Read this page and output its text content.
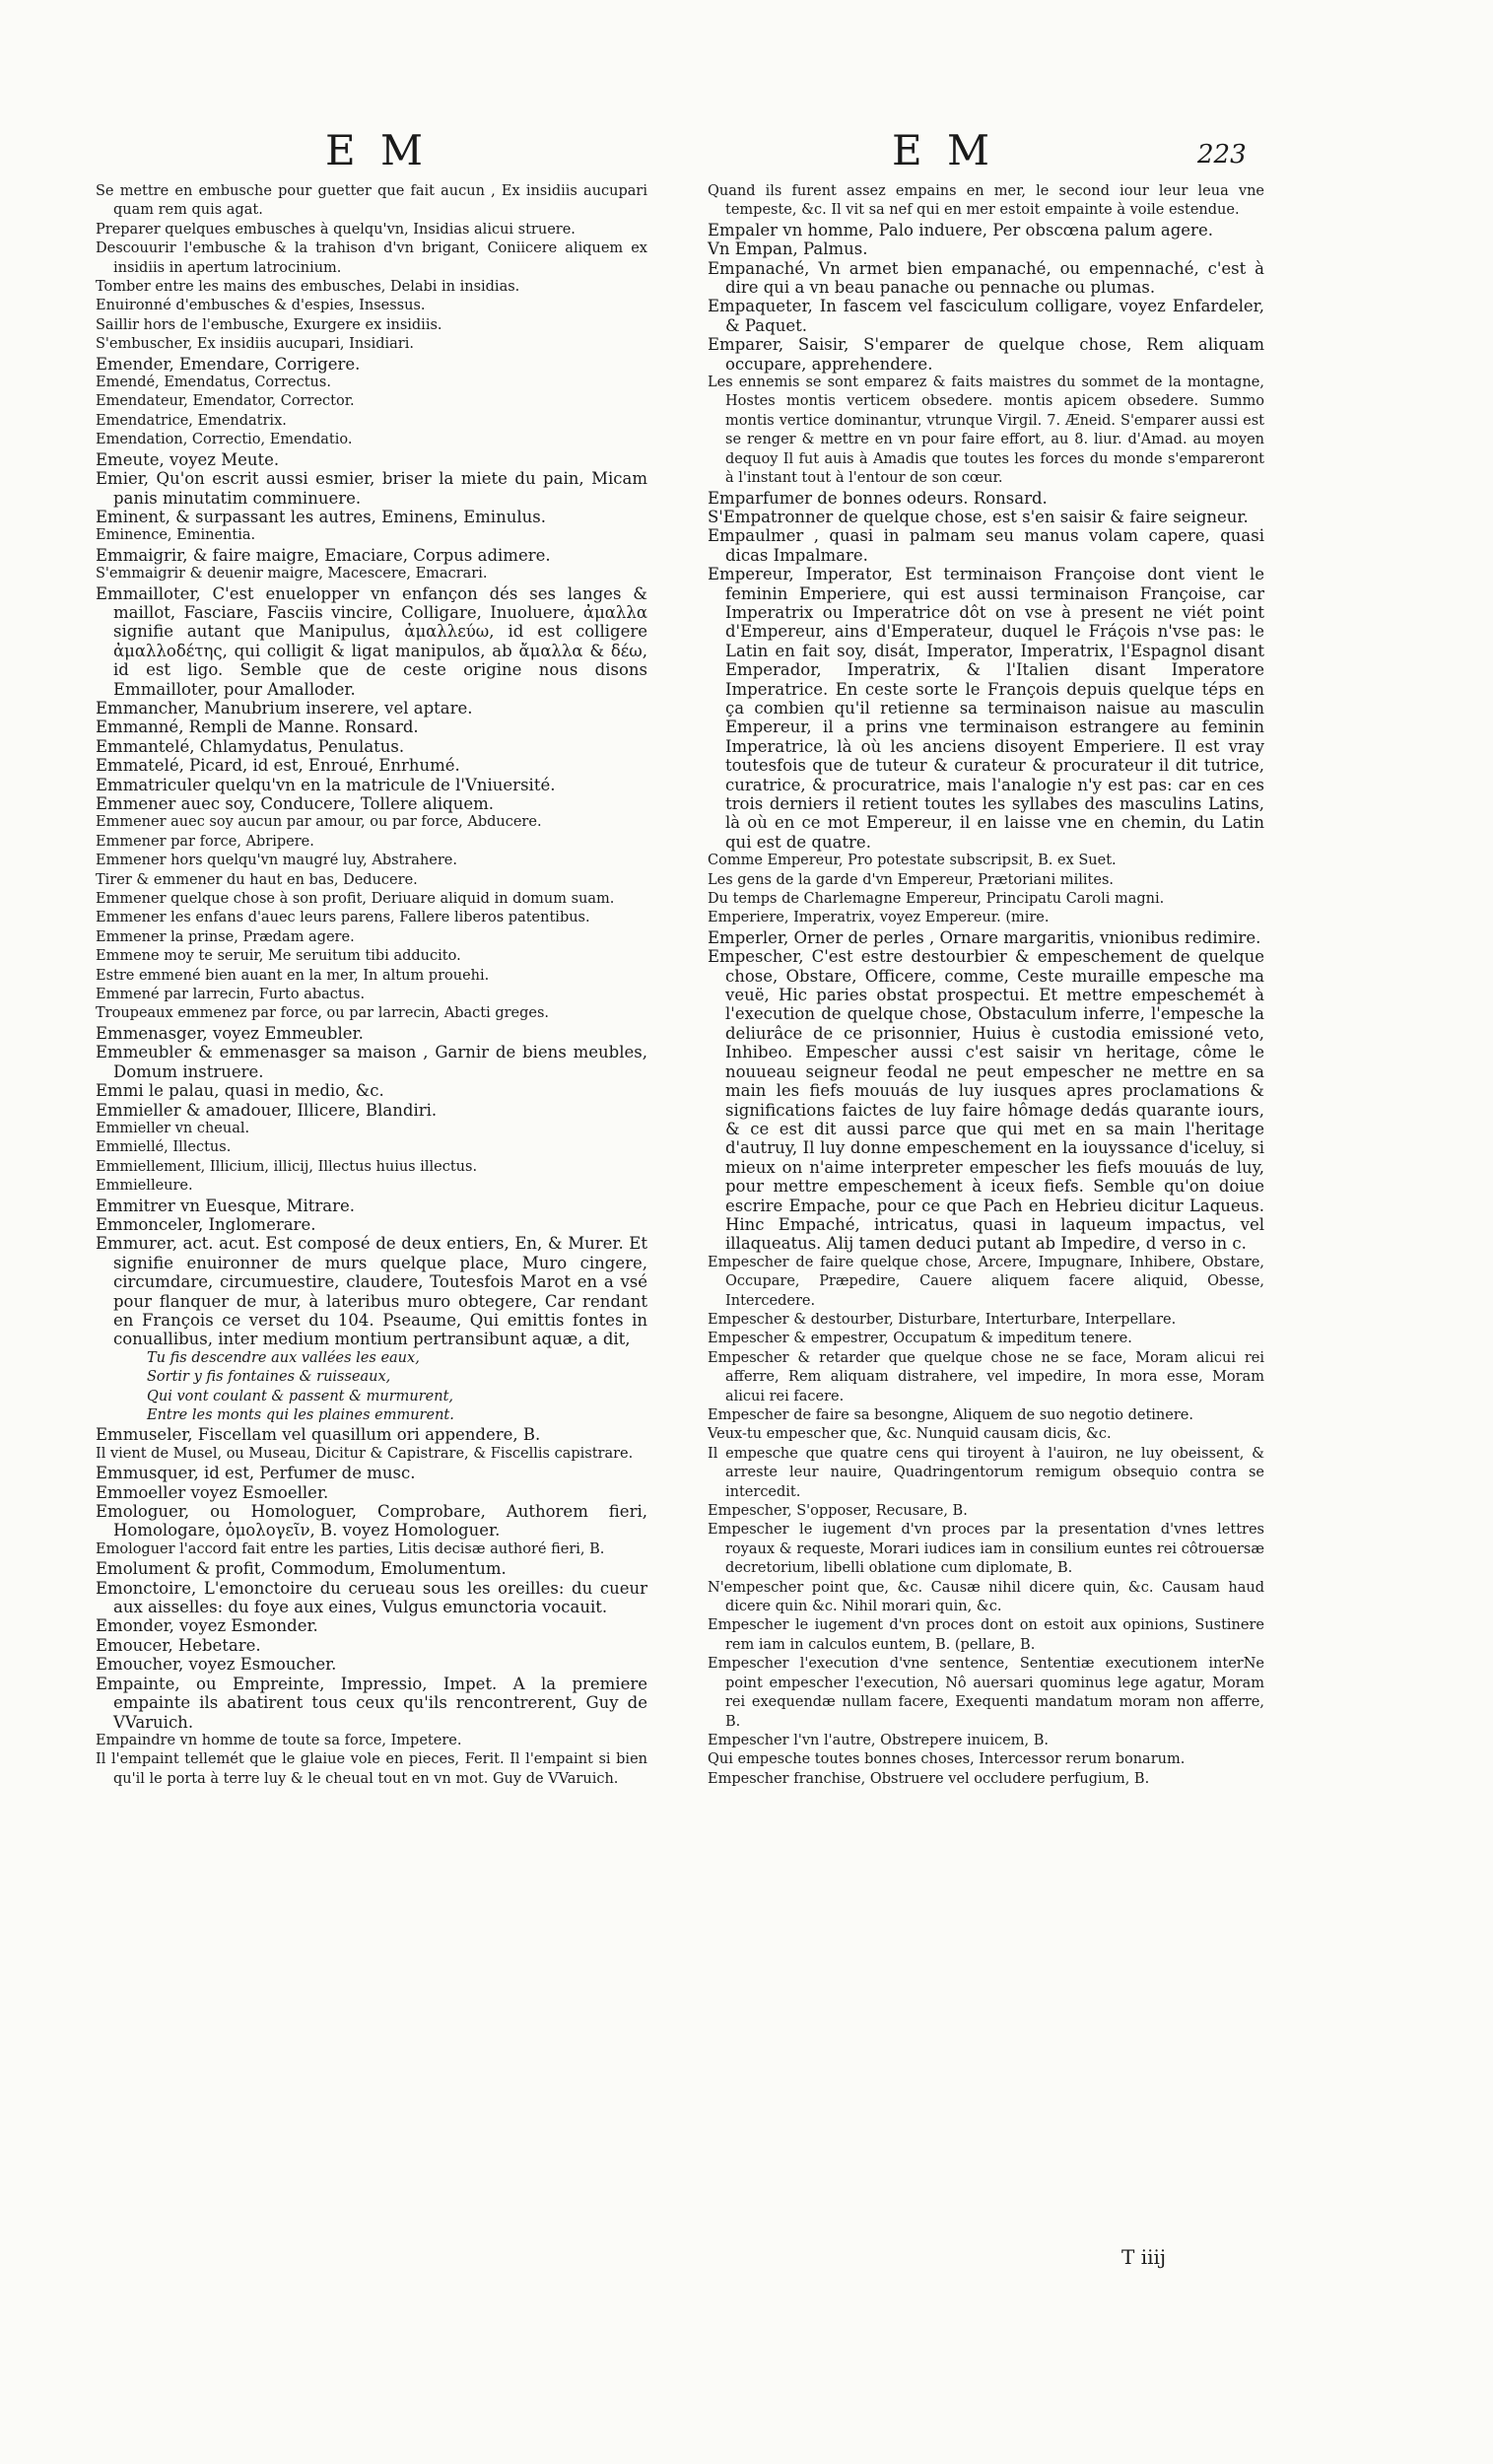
E M	E M	223

Se mettre en embusche pour guetter que fait aucun , Ex insidiis aucupari quam rem quis agat.

Preparer quelques embusches à quelqu'vn, Insidias alicui struere.

Descouurir l'embusche & la trahison d'vn brigant, Coniicere aliquem ex insidiis in apertum latrocinium.

Tomber entre les mains des embusches, Delabi in insidias.

Enuironné d'embusches & d'espies, Insessus.

Saillir hors de l'embusche, Exurgere ex insidiis.

S'embuscher, Ex insidiis aucupari, Insidiari.

Emender, Emendare, Corrigere.

Emendé, Emendatus, Correctus.

Emendateur, Emendator, Corrector.

Emendatrice, Emendatrix.

Emendation, Correctio, Emendatio.

Emeute, voyez Meute.

Emier, Qu'on escrit aussi esmier, briser la miete du pain, Micam panis minutatim comminuere.

Eminent, & surpassant les autres, Eminens, Eminulus.

Eminence, Eminentia.

Emmaigrir, & faire maigre, Emaciare, Corpus adimere.

S'emmaigrir & deuenir maigre, Macescere, Emacrari.

Emmailloter, C'est enuelopper vn enfançon dés ses langes & maillot, Fasciare, Fasciis vincire, Colligare, Inuoluere, ἀμαλλα signifie autant que Manipulus, ἀμαλλεύω, id est colligere ἀμαλλοδέτης, qui colligit & ligat manipulos, ab ἄμαλλα & δέω, id est ligo. Semble que de ceste origine nous disons Emmailloter, pour Amalloder.

Emmancher, Manubrium inserere, vel aptare.

Emmanné, Rempli de Manne. Ronsard.

Emmantelé, Chlamydatus, Penulatus.

Emmatelé, Picard, id est, Enroué, Enrhumé.

Emmatriculer quelqu'vn en la matricule de l'Vniuersité.

Emmener auec soy, Conducere, Tollere aliquem.

Emmener auec soy aucun par amour, ou par force, Abducere.

Emmener par force, Abripere.

Emmener hors quelqu'vn maugré luy, Abstrahere.

Tirer & emmener du haut en bas, Deducere.

Emmener quelque chose à son profit, Deriuare aliquid in domum suam.

Emmener les enfans d'auec leurs parens, Fallere liberos patentibus.

Emmener la prinse, Prædam agere.

Emmene moy te seruir, Me seruitum tibi adducito.

Estre emmené bien auant en la mer, In altum prouehi.

Emmené par larrecin, Furto abactus.

Troupeaux emmenez par force, ou par larrecin, Abacti greges.

Emmenasger, voyez Emmeubler.

Emmeubler & emmenasger sa maison , Garnir de biens meubles, Domum instruere.

Emmi le palau, quasi in medio, &c.

Emmieller & amadouer, Illicere, Blandiri.

Emmieller vn cheual.

Emmiellé, Illectus.

Emmiellement, Illicium, illicij, Illectus huius illectus.

Emmielleure.

Emmitrer vn Euesque, Mitrare.

Emmonceler, Inglomerare.

Emmurer, act. acut. Est composé de deux entiers, En, & Murer. Et signifie enuironner de murs quelque place, Muro cingere, circumdare, circumuestire, claudere, Toutesfois Marot en a vsé pour flanquer de mur, à lateribus muro obtegere, Car rendant en François ce verset du 104. Pseaume, Qui emittis fontes in conuallibus, inter medium montium pertransibunt aquæ, a dit,

Tu fis descendre aux vallées les eaux,

Sortir y fis fontaines & ruisseaux,

Qui vont coulant & passent & murmurent,

Entre les monts qui les plaines emmurent.

Emmuseler, Fiscellam vel quasillum ori appendere, B.

Il vient de Musel, ou Museau, Dicitur & Capistrare, & Fiscellis capistrare.

Emmusquer, id est, Perfumer de musc.

Emmoeller voyez Esmoeller.

Emologuer, ou Homologuer, Comprobare, Authorem fieri, Homologare, ὁμολογεῖν, B. voyez Homologuer.

Emologuer l'accord fait entre les parties, Litis decisæ authoré fieri, B.

Emolument & profit, Commodum, Emolumentum.

Emonctoire, L'emonctoire du cerueau sous les oreilles: du cueur aux aisselles: du foye aux eines, Vulgus emunctoria vocauit.

Emonder, voyez Esmonder.

Emoucer, Hebetare.

Emoucher, voyez Esmoucher.

Empainte, ou Empreinte, Impressio, Impet. A la premiere empainte ils abatirent tous ceux qu'ils rencontrerent, Guy de VVaruich.

Empaindre vn homme de toute sa force, Impetere.

Il l'empaint tellemét que le glaiue vole en pieces, Ferit. Il l'empaint si bien qu'il le porta à terre luy & le cheual tout en vn mot. Guy de VVaruich.

Quand ils furent assez empains en mer, le second iour leur leua vne tempeste, &c. Il vit sa nef qui en mer estoit empainte à voile estendue.

Empaler vn homme, Palo induere, Per obscœna palum agere.

Vn Empan, Palmus.

Empanaché, Vn armet bien empanaché, ou empennaché, c'est à dire qui a vn beau panache ou pennache ou plumas.

Empaqueter, In fascem vel fasciculum colligare, voyez Enfardeler, & Paquet.

Emparer, Saisir, S'emparer de quelque chose, Rem aliquam occupare, apprehendere.

Les ennemis se sont emparez & faits maistres du sommet de la montagne, Hostes montis verticem obsedere. montis apicem obsedere. Summo montis vertice dominantur, vtrunque Virgil. 7. Æneid. S'emparer aussi est se renger & mettre en vn pour faire effort, au 8. liur. d'Amad. au moyen dequoy Il fut auis à Amadis que toutes les forces du monde s'empareront à l'instant tout à l'entour de son cœur.

Emparfumer de bonnes odeurs. Ronsard.

S'Empatronner de quelque chose, est s'en saisir & faire seigneur.

Empaulmer , quasi in palmam seu manus volam capere, quasi dicas Impalmare.

Empereur, Imperator, Est terminaison Françoise dont vient le feminin Emperiere, qui est aussi terminaison Françoise, car Imperatrix ou Imperatrice dôt on vse à present ne viét point d'Empereur, ains d'Emperateur, duquel le Fráçois n'vse pas: le Latin en fait soy, disát, Imperator, Imperatrix, l'Espagnol disant Emperador, Imperatrix, & l'Italien disant Imperatore Imperatrice. En ceste sorte le François depuis quelque téps en ça combien qu'il retienne sa terminaison naisue au masculin Empereur, il a prins vne terminaison estrangere au feminin Imperatrice, là où les anciens disoyent Emperiere. Il est vray toutesfois que de tuteur & curateur & procurateur il dit tutrice, curatrice, & procuratrice, mais l'analogie n'y est pas: car en ces trois derniers il retient toutes les syllabes des masculins Latins, là où en ce mot Empereur, il en laisse vne en chemin, du Latin qui est de quatre.

Comme Empereur, Pro potestate subscripsit, B. ex Suet.

Les gens de la garde d'vn Empereur, Prætoriani milites.

Du temps de Charlemagne Empereur, Principatu Caroli magni.

Emperiere, Imperatrix, voyez Empereur. (mire.

Emperler, Orner de perles , Ornare margaritis, vnionibus redimire.

Empescher, C'est estre destourbier & empeschement de quelque chose, Obstare, Officere, comme, Ceste muraille empesche ma veuë, Hic paries obstat prospectui. Et mettre empeschemét à l'execution de quelque chose, Obstaculum inferre, l'empesche la deliurâce de ce prisonnier, Huius è custodia emissioné veto, Inhibeo. Empescher aussi c'est saisir vn heritage, côme le nouueau seigneur feodal ne peut empescher ne mettre en sa main les fiefs mouuás de luy iusques apres proclamations & significations faictes de luy faire hômage dedás quarante iours, & ce est dit aussi parce que qui met en sa main l'heritage d'autruy, Il luy donne empeschement en la iouyssance d'iceluy, si mieux on n'aime interpreter empescher les fiefs mouuás de luy, pour mettre empeschement à iceux fiefs. Semble qu'on doiue escrire Empache, pour ce que Pach en Hebrieu dicitur Laqueus. Hinc Empaché, intricatus, quasi in laqueum impactus, vel illaqueatus. Alij tamen deduci putant ab Impedire, d verso in c.

Empescher de faire quelque chose, Arcere, Impugnare, Inhibere, Obstare, Occupare, Præpedire, Cauere aliquem facere aliquid, Obesse, Intercedere.

Empescher & destourber, Disturbare, Interturbare, Interpellare.

Empescher & empestrer, Occupatum & impeditum tenere.

Empescher & retarder que quelque chose ne se face, Moram alicui rei afferre, Rem aliquam distrahere, vel impedire, In mora esse, Moram alicui rei facere.

Empescher de faire sa besongne, Aliquem de suo negotio detinere.

Veux-tu empescher que, &c. Nunquid causam dicis, &c.

Il empesche que quatre cens qui tiroyent à l'auiron, ne luy obeissent, & arreste leur nauire, Quadringentorum remigum obsequio contra se intercedit.

Empescher, S'opposer, Recusare, B.

Empescher le iugement d'vn proces par la presentation d'vnes lettres royaux & requeste, Morari iudices iam in consilium euntes rei côtrouersæ decretorium, libelli oblatione cum diplomate, B.

N'empescher point que, &c. Causæ nihil dicere quin, &c. Causam haud dicere quin &c. Nihil morari quin, &c.

Empescher le iugement d'vn proces dont on estoit aux opinions, Sustinere rem iam in calculos euntem, B. (pellare, B.

Empescher l'execution d'vne sentence, Sententiæ executionem interNe point empescher l'execution, Nô auersari quominus lege agatur, Moram rei exequendæ nullam facere, Exequenti mandatum moram non afferre, B.

Empescher l'vn l'autre, Obstrepere inuicem, B.

Qui empesche toutes bonnes choses, Intercessor rerum bonarum.

Empescher franchise, Obstruere vel occludere perfugium, B.

T iiij
